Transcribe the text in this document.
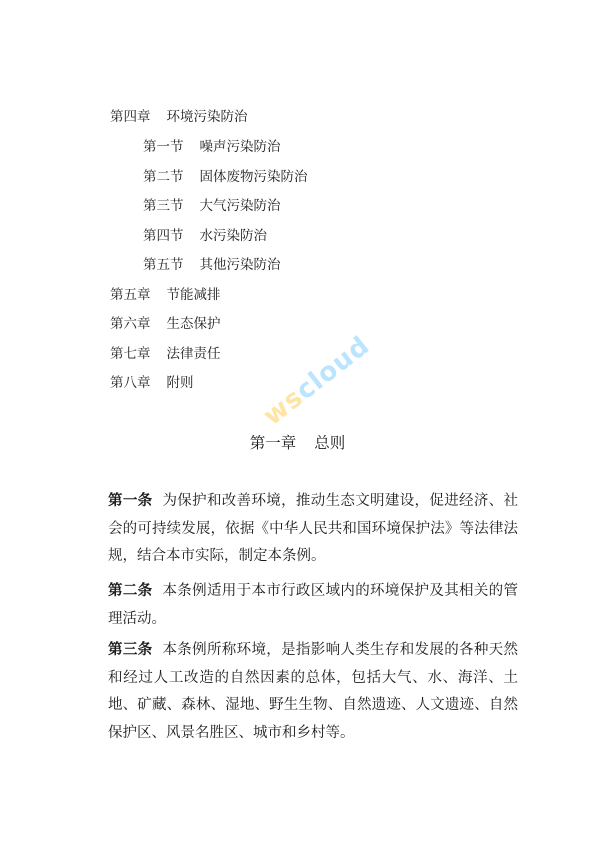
第四章 环境污染防治
第一节 噪声污染防治
第二节 固体废物污染防治
第三节 大气污染防治
第四节 水污染防治
第五节 其他污染防治
第五章 节能减排
第六章 生态保护
第七章 法律责任
第八章 附则 wscloud
第一章 总则
第一条 为保护和改善环境，推动生态文明建设，促进经济、社会的可持续发展，依据《中华人民共和国环境保护法》等法律法规，结合本市实际，制定本条例。
第二条 本条例适用于本市行政区域内的环境保护及其相关的管理活动。
第三条 本条例所称环境，是指影响人类生存和发展的各种天然和经过人工改造的自然因素的总体，包括大气、水、海洋、土地、矿藏、森林、湿地、野生生物、自然遗迹、人文遗迹、自然保护区、风景名胜区、城市和乡村等。
